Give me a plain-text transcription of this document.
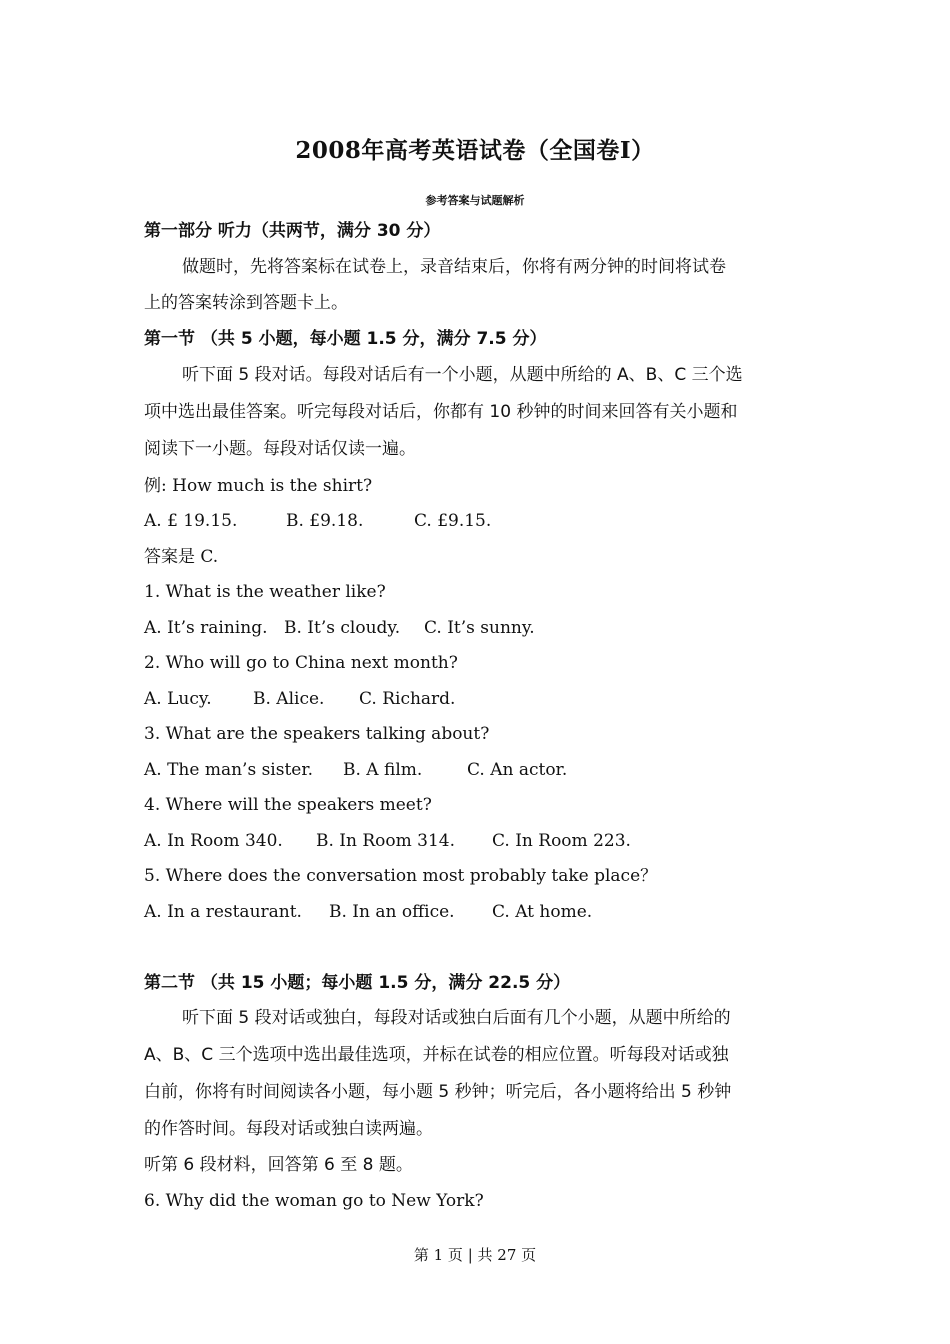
2008年高考英语试卷（全国卷I）
参考答案与试题解析
第一部分 听力（共两节，满分 30 分）
做题时，先将答案标在试卷上，录音结束后，你将有两分钟的时间将试卷
上的答案转涂到答题卡上。
第一节 （共 5 小题，每小题 1.5 分，满分 7.5 分）
听下面 5 段对话。每段对话后有一个小题，从题中所给的 A、B、C 三个选
项中选出最佳答案。听完每段对话后，你都有 10 秒钟的时间来回答有关小题和
阅读下一小题。每段对话仅读一遍。
例: How much is the shirt?
A. £ 19.15.	B. £9.18.	C. £9.15.
答案是 C.
1. What is the weather like?
A. It’s raining. B. It’s cloudy. C. It’s sunny.
2. Who will go to China next month?
A. Lucy. B. Alice. C. Richard.
3. What are the speakers talking about?
A. The man’s sister. B. A film.	C. An actor.
4. Where will the speakers meet?
A. In Room 340. B. In Room 314. C. In Room 223.
5. Where does the conversation most probably take place？
A. In a restaurant. B. In an office. C. At home.
第二节 （共 15 小题；每小题 1.5 分，满分 22.5 分）
听下面 5 段对话或独白，每段对话或独白后面有几个小题，从题中所给的
A、B、C 三个选项中选出最佳选项，并标在试卷的相应位置。听每段对话或独
白前，你将有时间阅读各小题，每小题 5 秒钟；听完后，各小题将给出 5 秒钟
的作答时间。每段对话或独白读两遍。
听第 6 段材料，回答第 6 至 8 题。
6. Why did the woman go to New York?
第 1 页 | 共 27 页
